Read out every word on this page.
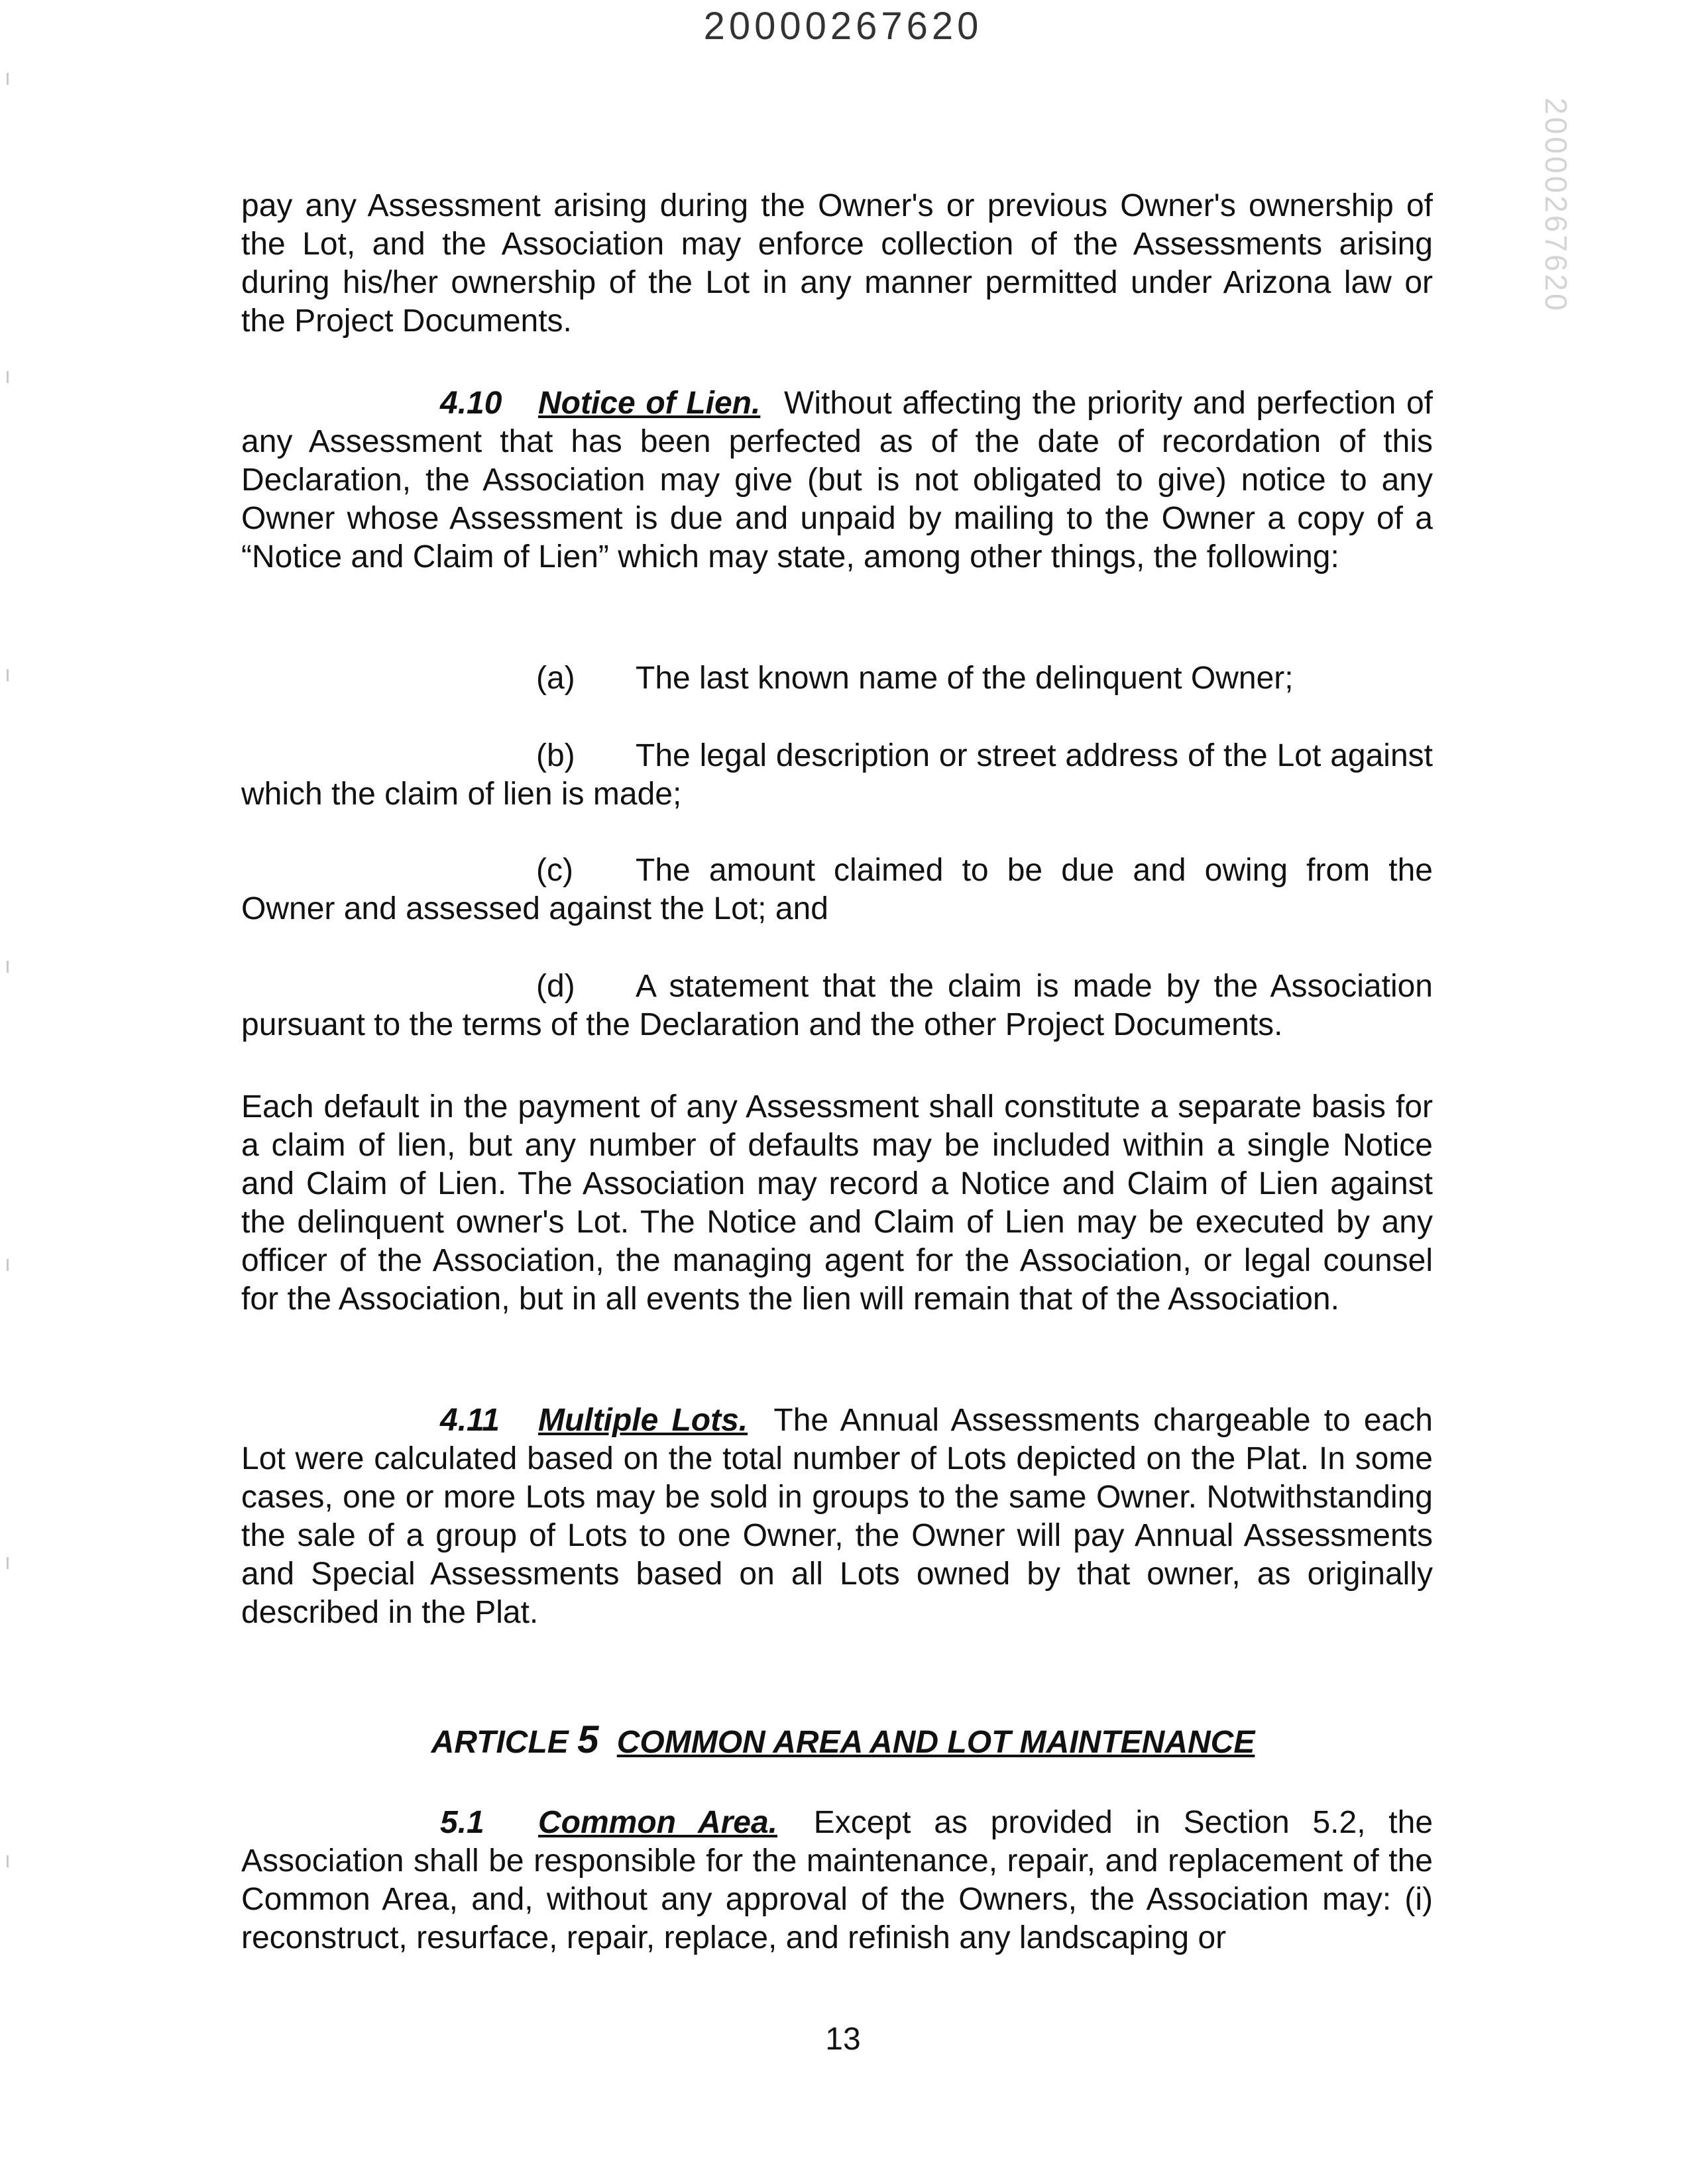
20000267620
20000267620

pay any Assessment arising during the Owner's or previous Owner's ownership of the Lot, and the Association may enforce collection of the Assessments arising during his/her ownership of the Lot in any manner permitted under Arizona law or the Project Documents.

4.10 Notice of Lien. Without affecting the priority and perfection of any Assessment that has been perfected as of the date of recordation of this Declaration, the Association may give (but is not obligated to give) notice to any Owner whose Assessment is due and unpaid by mailing to the Owner a copy of a “Notice and Claim of Lien” which may state, among other things, the following:

(a) The last known name of the delinquent Owner;

(b) The legal description or street address of the Lot against which the claim of lien is made;

(c) The amount claimed to be due and owing from the Owner and assessed against the Lot; and

(d) A statement that the claim is made by the Association pursuant to the terms of the Declaration and the other Project Documents.

Each default in the payment of any Assessment shall constitute a separate basis for a claim of lien, but any number of defaults may be included within a single Notice and Claim of Lien. The Association may record a Notice and Claim of Lien against the delinquent owner's Lot. The Notice and Claim of Lien may be executed by any officer of the Association, the managing agent for the Association, or legal counsel for the Association, but in all events the lien will remain that of the Association.

4.11 Multiple Lots. The Annual Assessments chargeable to each Lot were calculated based on the total number of Lots depicted on the Plat. In some cases, one or more Lots may be sold in groups to the same Owner. Notwithstanding the sale of a group of Lots to one Owner, the Owner will pay Annual Assessments and Special Assessments based on all Lots owned by that owner, as originally described in the Plat.

ARTICLE 5 COMMON AREA AND LOT MAINTENANCE

5.1 Common Area. Except as provided in Section 5.2, the Association shall be responsible for the maintenance, repair, and replacement of the Common Area, and, without any approval of the Owners, the Association may: (i) reconstruct, resurface, repair, replace, and refinish any landscaping or

13
